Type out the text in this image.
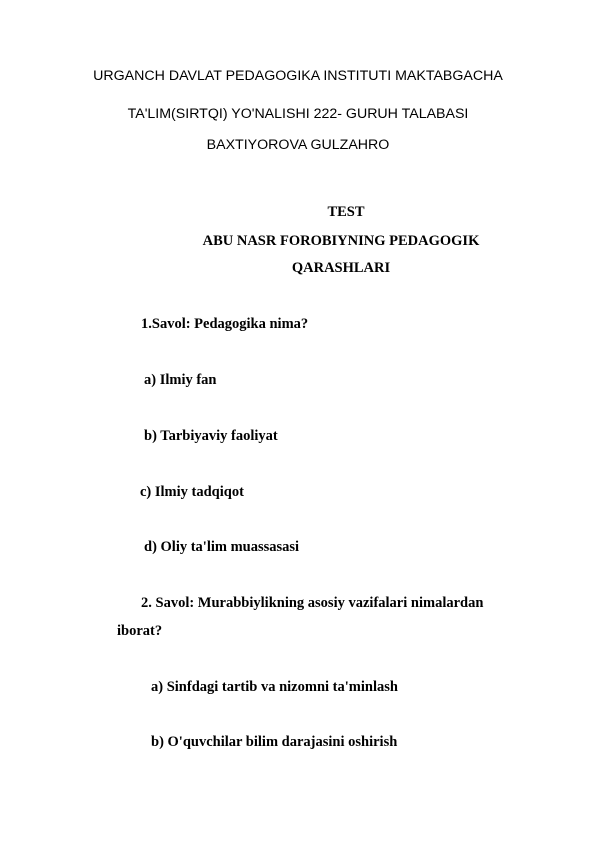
URGANCH DAVLAT PEDAGOGIKA INSTITUTI MAKTABGACHA
TA'LIM(SIRTQI) YO'NALISHI 222- GURUH TALABASI
BAXTIYOROVA GULZAHRO
TEST
ABU NASR FOROBIYNING PEDAGOGIK
QARASHLARI
1.Savol: Pedagogika nima?
a) Ilmiy fan
b) Tarbiyaviy faoliyat
c) Ilmiy tadqiqot
d) Oliy ta'lim muassasasi
2. Savol: Murabbiylikning asosiy vazifalari nimalardan
iborat?
a) Sinfdagi tartib va nizomni ta'minlash
b) O'quvchilar bilim darajasini oshirish
